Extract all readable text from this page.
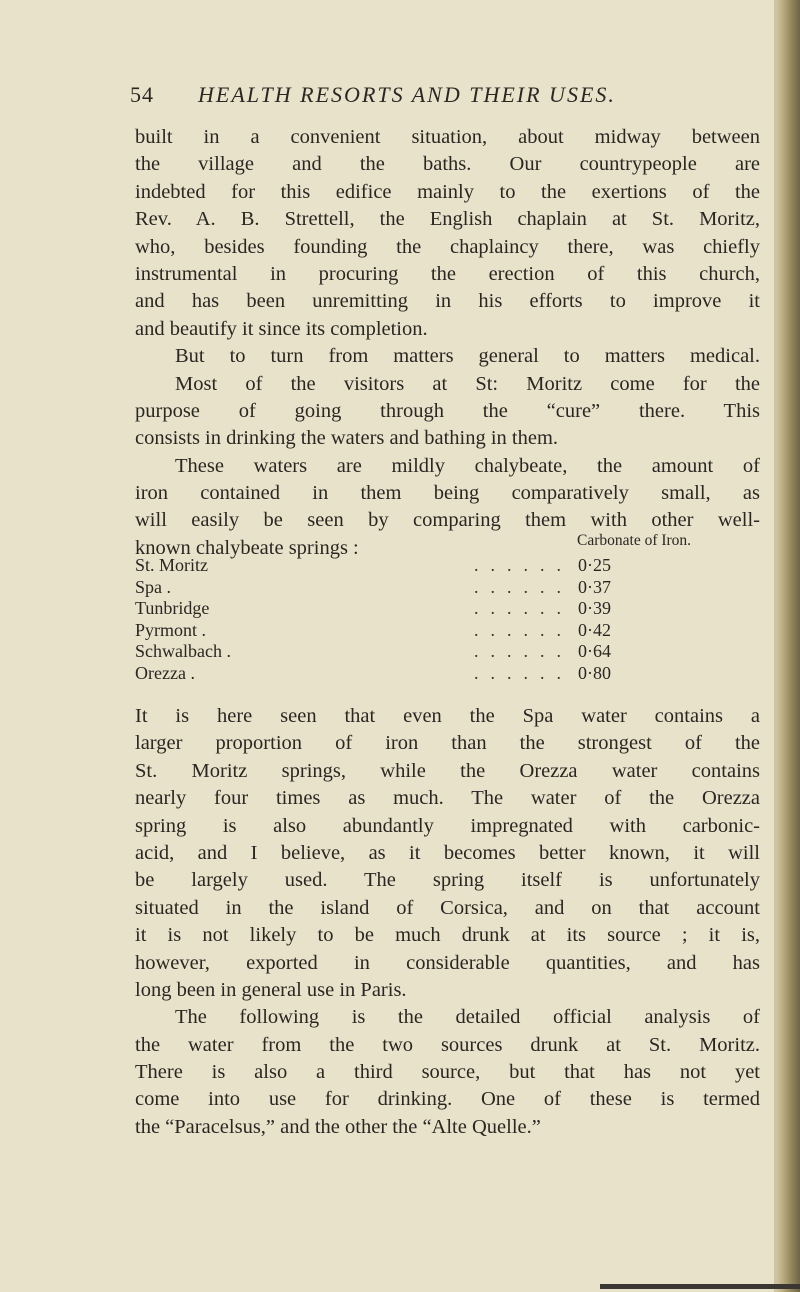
54 HEALTH RESORTS AND THEIR USES.
built in a convenient situation, about midway between
the village and the baths. Our countrypeople are
indebted for this edifice mainly to the exertions of the
Rev. A. B. Strettell, the English chaplain at St. Moritz,
who, besides founding the chaplaincy there, was chiefly
instrumental in procuring the erection of this church,
and has been unremitting in his efforts to improve it
and beautify it since its completion.
But to turn from matters general to matters medical.
Most of the visitors at St: Moritz come for the
purpose of going through the “cure” there. This
consists in drinking the waters and bathing in them.
These waters are mildly chalybeate, the amount of
iron contained in them being comparatively small, as
will easily be seen by comparing them with other well-
known chalybeate springs :	Carbonate of Iron.
St. Moritz	...... 0·25
Spa .	...... 0·37
Tunbridge	...... 0·39
Pyrmont .	...... 0·42
Schwalbach .	...... 0·64
Orezza .	...... 0·80
It is here seen that even the Spa water contains a
larger proportion of iron than the strongest of the
St. Moritz springs, while the Orezza water contains
nearly four times as much. The water of the Orezza
spring is also abundantly impregnated with carbonic-
acid, and I believe, as it becomes better known, it will
be largely used. The spring itself is unfortunately
situated in the island of Corsica, and on that account
it is not likely to be much drunk at its source ; it is,
however, exported in considerable quantities, and has
long been in general use in Paris.
The following is the detailed official analysis of
the water from the two sources drunk at St. Moritz.
There is also a third source, but that has not yet
come into use for drinking. One of these is termed
the “Paracelsus,” and the other the “Alte Quelle.”
